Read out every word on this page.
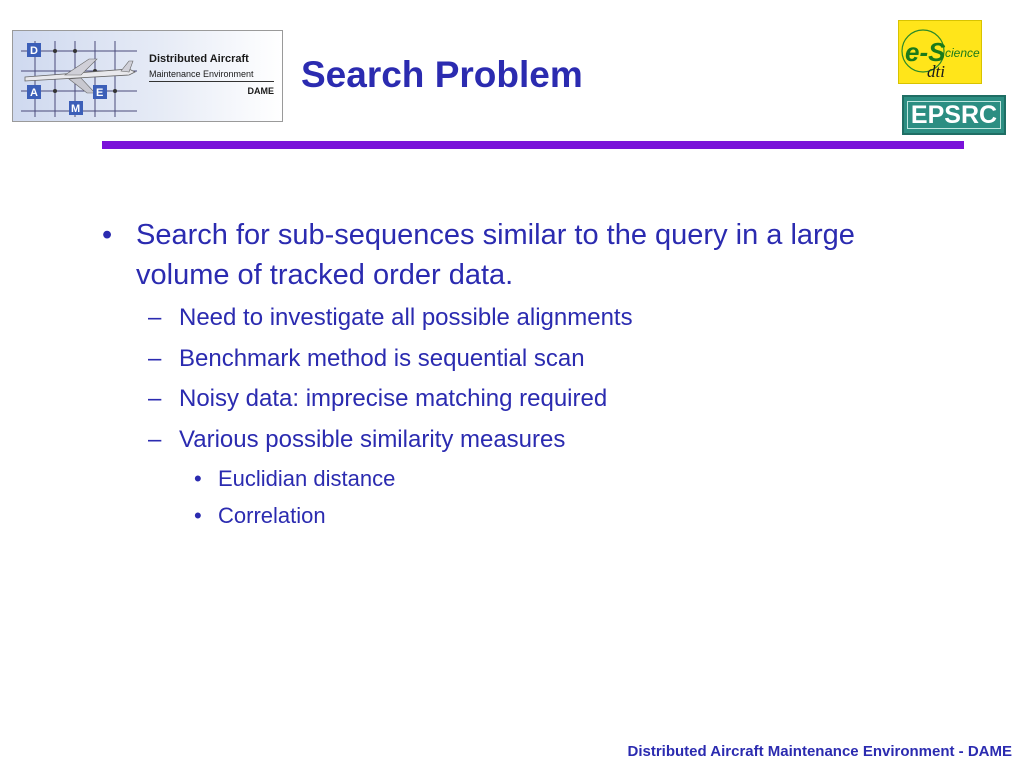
D
A	E
M
Distributed Aircraft
Maintenance Environment
DAME Search Problem
e-S cience
dti
EPSRC
• Search for sub-sequences similar to the query in a large volume of tracked order data.
– Need to investigate all possible alignments
– Benchmark method is sequential scan
– Noisy data: imprecise matching required
– Various possible similarity measures
• Euclidian distance
• Correlation
Distributed Aircraft Maintenance Environment - DAME
